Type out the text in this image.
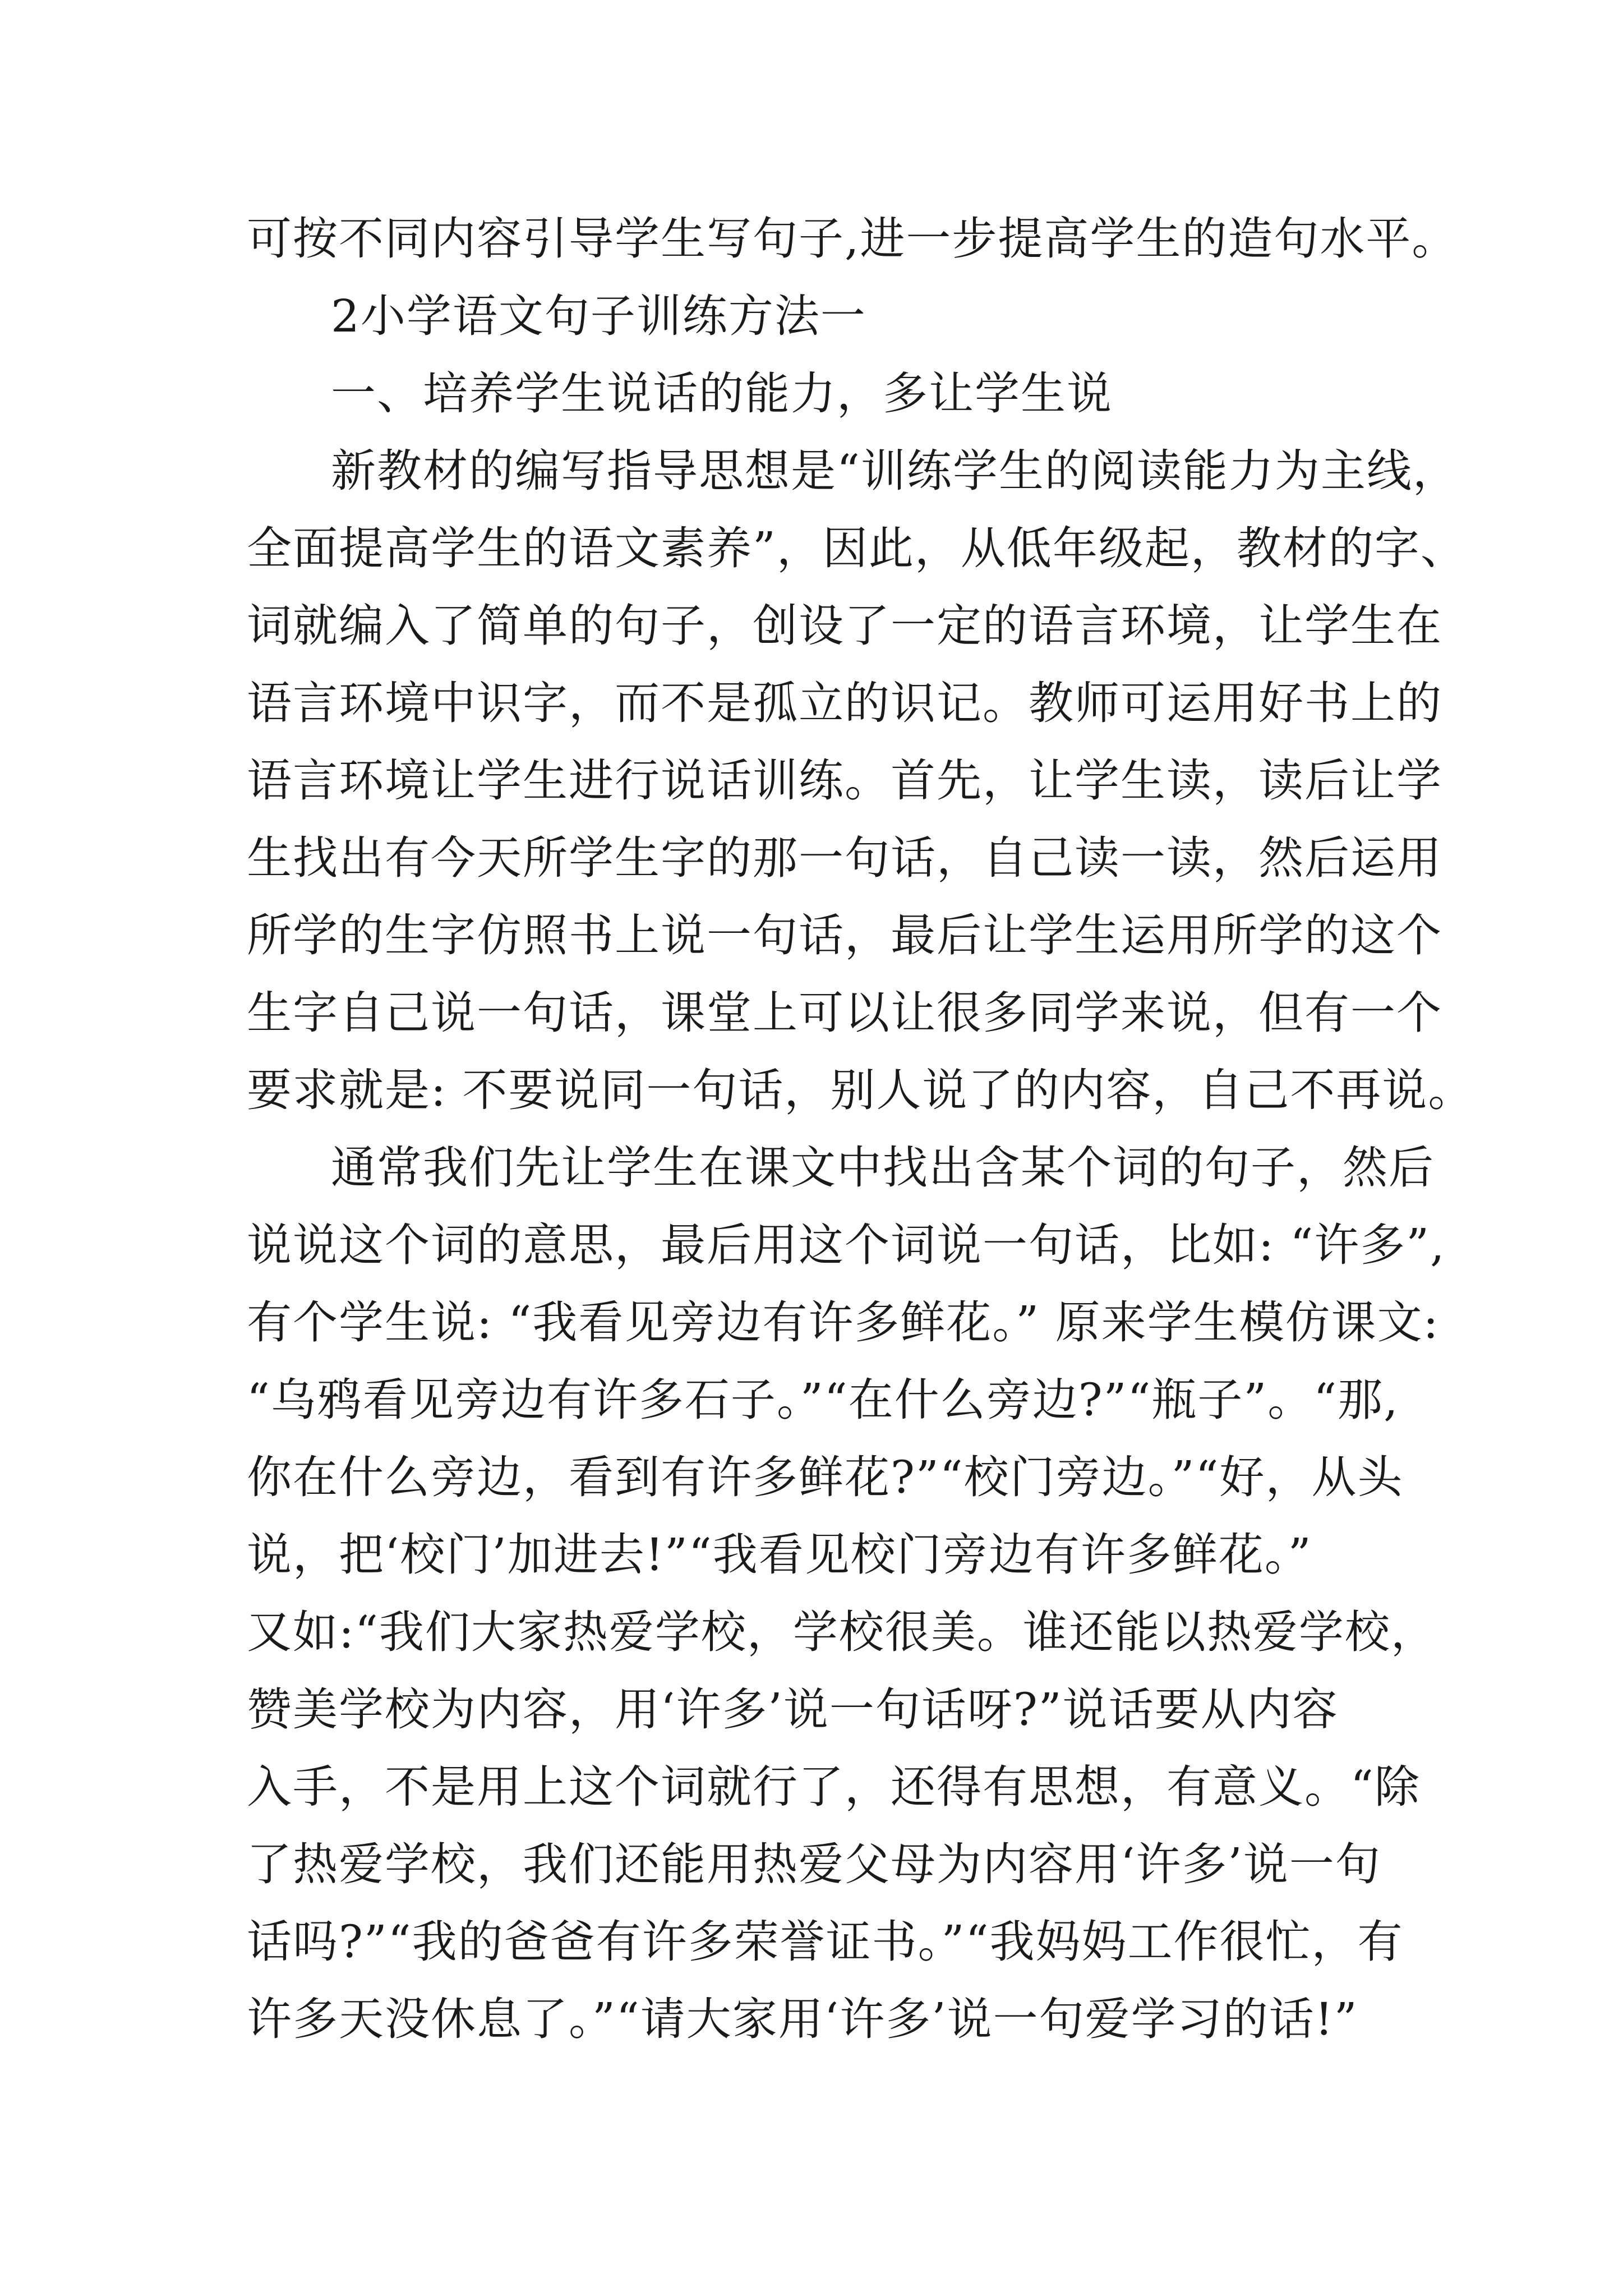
可按不同内容引导学生写句子,进一步提高学生的造句水平。
2小学语文句子训练方法一
一、培养学生说话的能力，多让学生说
新教材的编写指导思想是“训练学生的阅读能力为主线，
全面提高学生的语文素养”，因此，从低年级起，教材的字、
词就编入了简单的句子，创设了一定的语言环境，让学生在
语言环境中识字，而不是孤立的识记。教师可运用好书上的
语言环境让学生进行说话训练。首先，让学生读，读后让学
生找出有今天所学生字的那一句话，自己读一读，然后运用
所学的生字仿照书上说一句话，最后让学生运用所学的这个
生字自己说一句话，课堂上可以让很多同学来说，但有一个
要求就是: 不要说同一句话，别人说了的内容，自己不再说。
通常我们先让学生在课文中找出含某个词的句子，然后
说说这个词的意思，最后用这个词说一句话，比如: “许多”,
有个学生说: “我看见旁边有许多鲜花。” 原来学生模仿课文:
“乌鸦看见旁边有许多石子。”“在什么旁边?”“瓶子”。“那,
你在什么旁边，看到有许多鲜花?”“校门旁边。”“好，从头
说，把‘校门’加进去!”“我看见校门旁边有许多鲜花。”
又如:“我们大家热爱学校，学校很美。谁还能以热爱学校，
赞美学校为内容，用‘许多’说一句话呀?”说话要从内容
入手，不是用上这个词就行了，还得有思想，有意义。“除
了热爱学校，我们还能用热爱父母为内容用‘许多’说一句
话吗?”“我的爸爸有许多荣誉证书。”“我妈妈工作很忙，有
许多天没休息了。”“请大家用‘许多’说一句爱学习的话!”
